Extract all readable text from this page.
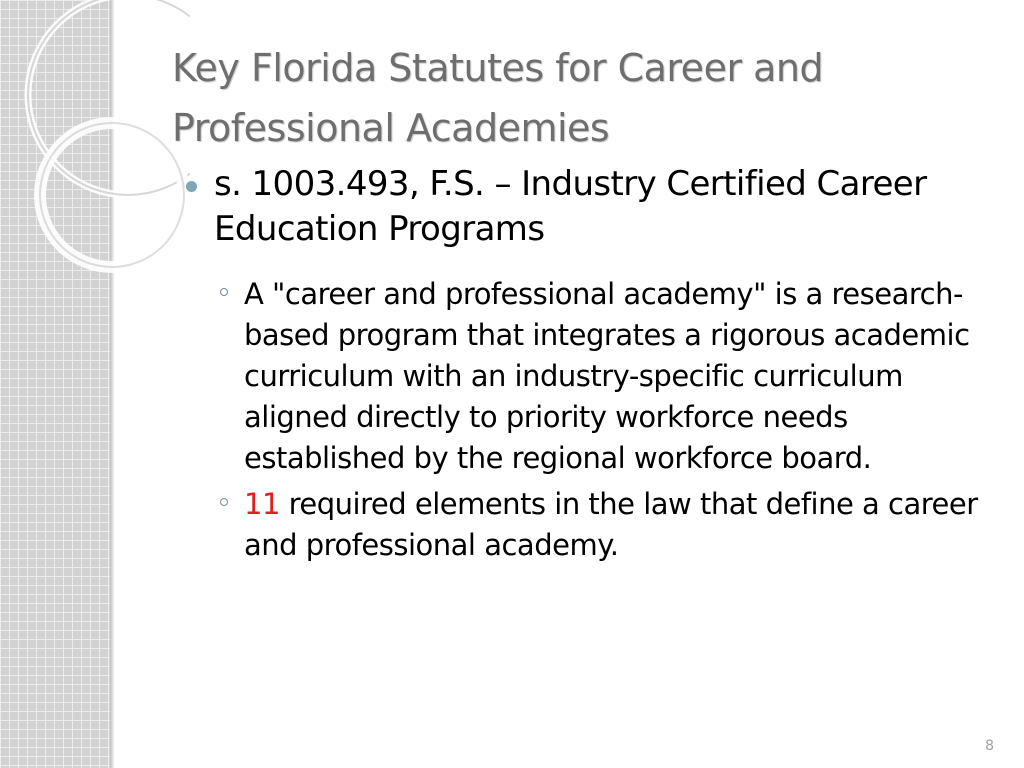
Key Florida Statutes for Career and Professional Academies
s. 1003.493, F.S. – Industry Certified Career Education Programs
A "career and professional academy" is a research-based program that integrates a rigorous academic curriculum with an industry-specific curriculum aligned directly to priority workforce needs established by the regional workforce board.
11 required elements in the law that define a career and professional academy.
8
